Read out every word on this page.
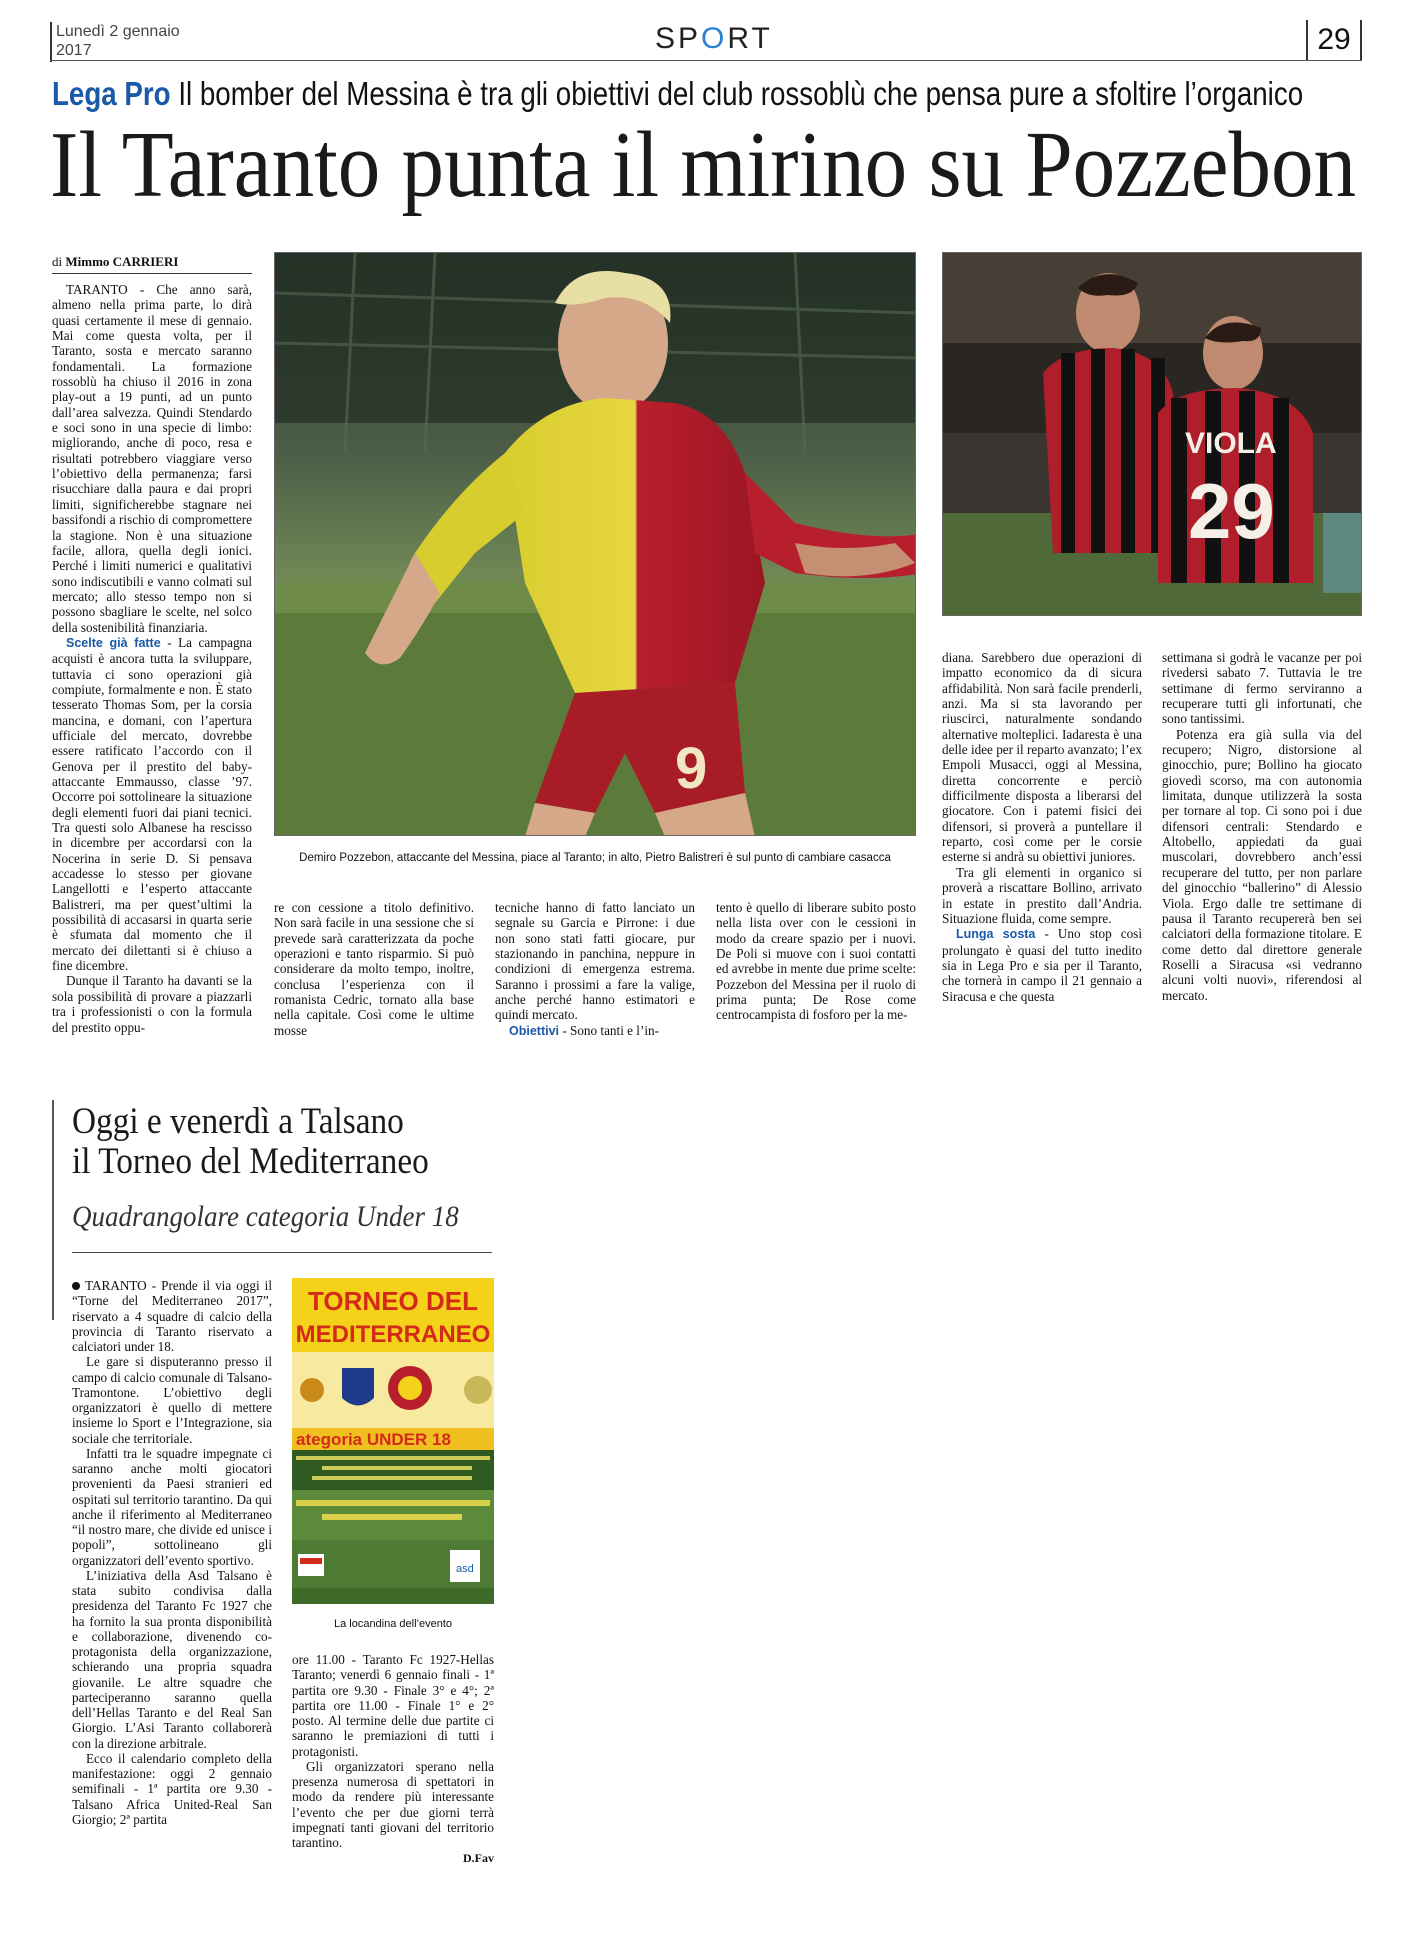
Lunedì 2 gennaio
2017	SPORT	29
Lega Pro Il bomber del Messina è tra gli obiettivi del club rossoblù che pensa pure a sfoltire l’organico
Il Taranto punta il mirino su Pozzebon
di Mimmo CARRIERI

TARANTO - Che anno sarà, almeno nella prima parte, lo dirà quasi certamente il mese di gennaio. Mai come questa volta, per il Taranto, sosta e mercato saranno fondamentali. La formazione rossoblù ha chiuso il 2016 in zona play-out a 19 punti, ad un punto dall’area salvezza. Quindi Stendardo e soci sono in una specie di limbo: migliorando, anche di poco, resa e risultati potrebbero viaggiare verso l’obiettivo della permanenza; farsi risucchiare dalla paura e dai propri limiti, significherebbe stagnare nei bassifondi a rischio di compromettere la stagione. Non è una situazione facile, allora, quella degli ionici. Perché i limiti numerici e qualitativi sono indiscutibili e vanno colmati sul mercato; allo stesso tempo non si possono sbagliare le scelte, nel solco della sostenibilità finanziaria.

Scelte già fatte - La campagna acquisti è ancora tutta la sviluppare, tuttavia ci sono operazioni già compiute, formalmente e non. È stato tesserato Thomas Som, per la corsia mancina, e domani, con l’apertura ufficiale del mercato, dovrebbe essere ratificato l’accordo con il Genova per il prestito del baby-attaccante Emmausso, classe ’97. Occorre poi sottolineare la situazione degli elementi fuori dai piani tecnici. Tra questi solo Albanese ha rescisso in dicembre per accordarsi con la Nocerina in serie D. Si pensava accadesse lo stesso per giovane Langellotti e l’esperto attaccante Balistreri, ma per quest’ultimi la possibilità di accasarsi in quarta serie è sfumata dal momento che il mercato dei dilettanti si è chiuso a fine dicembre.

Dunque il Taranto ha davanti se la sola possibilità di provare a piazzarli tra i professionisti o con la formula del prestito oppu-

9
Demiro Pozzebon, attaccante del Messina, piace al Taranto; in alto, Pietro Balistreri è sul punto di cambiare casacca
VIOLA
29

re con cessione a titolo definitivo. Non sarà facile in una sessione che si prevede sarà caratterizzata da poche operazioni e tanto risparmio. Si può considerare da molto tempo, inoltre, conclusa l’esperienza con il romanista Cedric, tornato alla base nella capitale. Così come le ultime mosse

tecniche hanno di fatto lanciato un segnale su Garcia e Pirrone: i due non sono stati fatti giocare, pur stazionando in panchina, neppure in condizioni di emergenza estrema. Saranno i prossimi a fare la valige, anche perché hanno estimatori e quindi mercato.

Obiettivi - Sono tanti e l’in-

tento è quello di liberare subito posto nella lista over con le cessioni in modo da creare spazio per i nuovi. De Poli si muove con i suoi contatti ed avrebbe in mente due prime scelte: Pozzebon del Messina per il ruolo di prima punta; De Rose come centrocampista di fosforo per la me-

diana. Sarebbero due operazioni di impatto economico da di sicura affidabilità. Non sarà facile prenderli, anzi. Ma si sta lavorando per riuscirci, naturalmente sondando alternative molteplici. Iadaresta è una delle idee per il reparto avanzato; l’ex Empoli Musacci, oggi al Messina, diretta concorrente e perciò difficilmente disposta a liberarsi del giocatore. Con i patemi fisici dei difensori, si proverà a puntellare il reparto, così come per le corsie esterne si andrà su obiettivi juniores.

Tra gli elementi in organico si proverà a riscattare Bollino, arrivato in estate in prestito dall’Andria. Situazione fluida, come sempre.

Lunga sosta - Uno stop così prolungato è quasi del tutto inedito sia in Lega Pro e sia per il Taranto, che tornerà in campo il 21 gennaio a Siracusa e che questa

settimana si godrà le vacanze per poi rivedersi sabato 7. Tuttavia le tre settimane di fermo serviranno a recuperare tutti gli infortunati, che sono tantissimi.

Potenza era già sulla via del recupero; Nigro, distorsione al ginocchio, pure; Bollino ha giocato giovedì scorso, ma con autonomia limitata, dunque utilizzerà la sosta per tornare al top. Ci sono poi i due difensori centrali: Stendardo e Altobello, appiedati da guai muscolari, dovrebbero anch’essi recuperare del tutto, per non parlare del ginocchio “ballerino” di Alessio Viola. Ergo dalle tre settimane di pausa il Taranto recupererà ben sei calciatori della formazione titolare. E come detto dal direttore generale Roselli a Siracusa «si vedranno alcuni volti nuovi», riferendosi al mercato.

Oggi e venerdì a Talsano
il Torneo del Mediterraneo
Quadrangolare categoria Under 18

TARANTO - Prende il via oggi il “Torne del Mediterraneo 2017”, riservato a 4 squadre di calcio della provincia di Taranto riservato a calciatori under 18.

Le gare si disputeranno presso il campo di calcio comunale di Talsano-Tramontone. L’obiettivo degli organizzatori è quello di mettere insieme lo Sport e l’Integrazione, sia sociale che territoriale.

Infatti tra le squadre impegnate ci saranno anche molti giocatori provenienti da Paesi stranieri ed ospitati sul territorio tarantino. Da qui anche il riferimento al Mediterraneo “il nostro mare, che divide ed unisce i popoli”, sottolineano gli organizzatori dell’evento sportivo.

L’iniziativa della Asd Talsano è stata subito condivisa dalla presidenza del Taranto Fc 1927 che ha fornito la sua pronta disponibilità e collaborazione, divenendo co-protagonista della organizzazione, schierando una propria squadra giovanile. Le altre squadre che parteciperanno saranno quella dell’Hellas Taranto e del Real San Giorgio. L’Asi Taranto collaborerà con la direzione arbitrale.

Ecco il calendario completo della manifestazione: oggi 2 gennaio semifinali - 1ª partita ore 9.30 - Talsano Africa United-Real San Giorgio; 2ª partita

TORNEO DEL
MEDITERRANEO
ategoria UNDER 18
asd
La locandina dell’evento

ore 11.00 - Taranto Fc 1927-Hellas Taranto; venerdì 6 gennaio finali - 1ª partita ore 9.30 - Finale 3° e 4°; 2ª partita ore 11.00 - Finale 1° e 2° posto. Al termine delle due partite ci saranno le premiazioni di tutti i protagonisti.

Gli organizzatori sperano nella presenza numerosa di spettatori in modo da rendere più interessante l’evento che per due giorni terrà impegnati tanti giovani del territorio tarantino.

D.Fav
